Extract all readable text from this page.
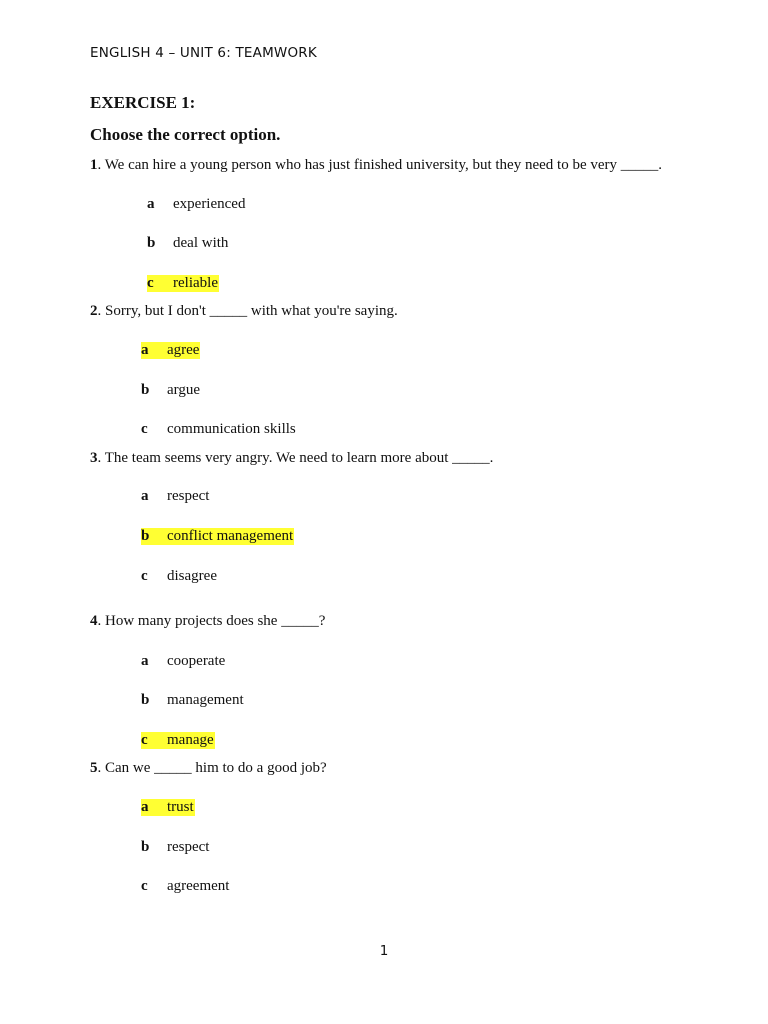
ENGLISH 4 – UNIT 6: TEAMWORK
EXERCISE 1:
Choose the correct option.
1. We can hire a young person who has just finished university, but they need to be very _____.
a experienced
b deal with
c reliable
2. Sorry, but I don't _____ with what you're saying.
a agree
b argue
c communication skills
3. The team seems very angry. We need to learn more about _____.
a respect
b conflict management
c disagree
4. How many projects does she _____?
a cooperate
b management
c manage
5. Can we _____ him to do a good job?
a trust
b respect
c agreement
1
